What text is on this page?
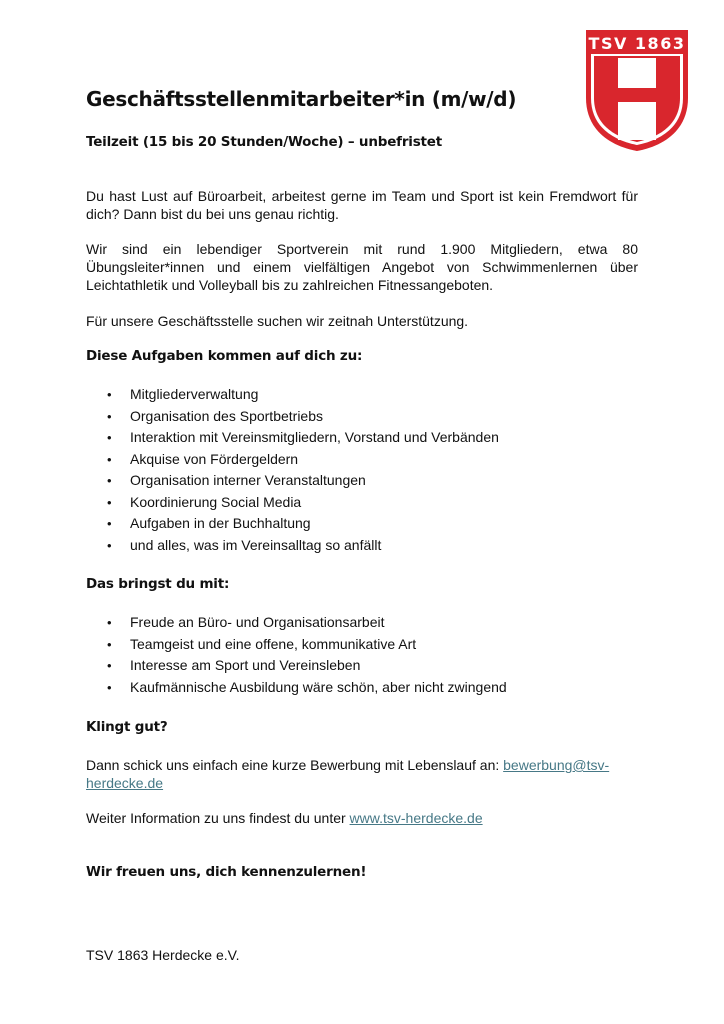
TSV 1863
Geschäftsstellenmitarbeiter*in (m/w/d)
Teilzeit (15 bis 20 Stunden/Woche) – unbefristet

Du hast Lust auf Büroarbeit, arbeitest gerne im Team und Sport ist kein Fremdwort für dich? Dann bist du bei uns genau richtig.

Wir sind ein lebendiger Sportverein mit rund 1.900 Mitgliedern, etwa 80 Übungsleiter*innen und einem vielfältigen Angebot von Schwimmenlernen über Leichtathletik und Volleyball bis zu zahlreichen Fitnessangeboten.

Für unsere Geschäftsstelle suchen wir zeitnah Unterstützung.

Diese Aufgaben kommen auf dich zu:
• Mitgliederverwaltung
• Organisation des Sportbetriebs
• Interaktion mit Vereinsmitgliedern, Vorstand und Verbänden
• Akquise von Fördergeldern
• Organisation interner Veranstaltungen
• Koordinierung Social Media
• Aufgaben in der Buchhaltung
• und alles, was im Vereinsalltag so anfällt
Das bringst du mit:
• Freude an Büro- und Organisationsarbeit
• Teamgeist und eine offene, kommunikative Art
• Interesse am Sport und Vereinsleben
• Kaufmännische Ausbildung wäre schön, aber nicht zwingend
Klingt gut?

Dann schick uns einfach eine kurze Bewerbung mit Lebenslauf an: bewerbung@tsv-herdecke.de

Weiter Information zu uns findest du unter www.tsv-herdecke.de

Wir freuen uns, dich kennenzulernen!

TSV 1863 Herdecke e.V.
